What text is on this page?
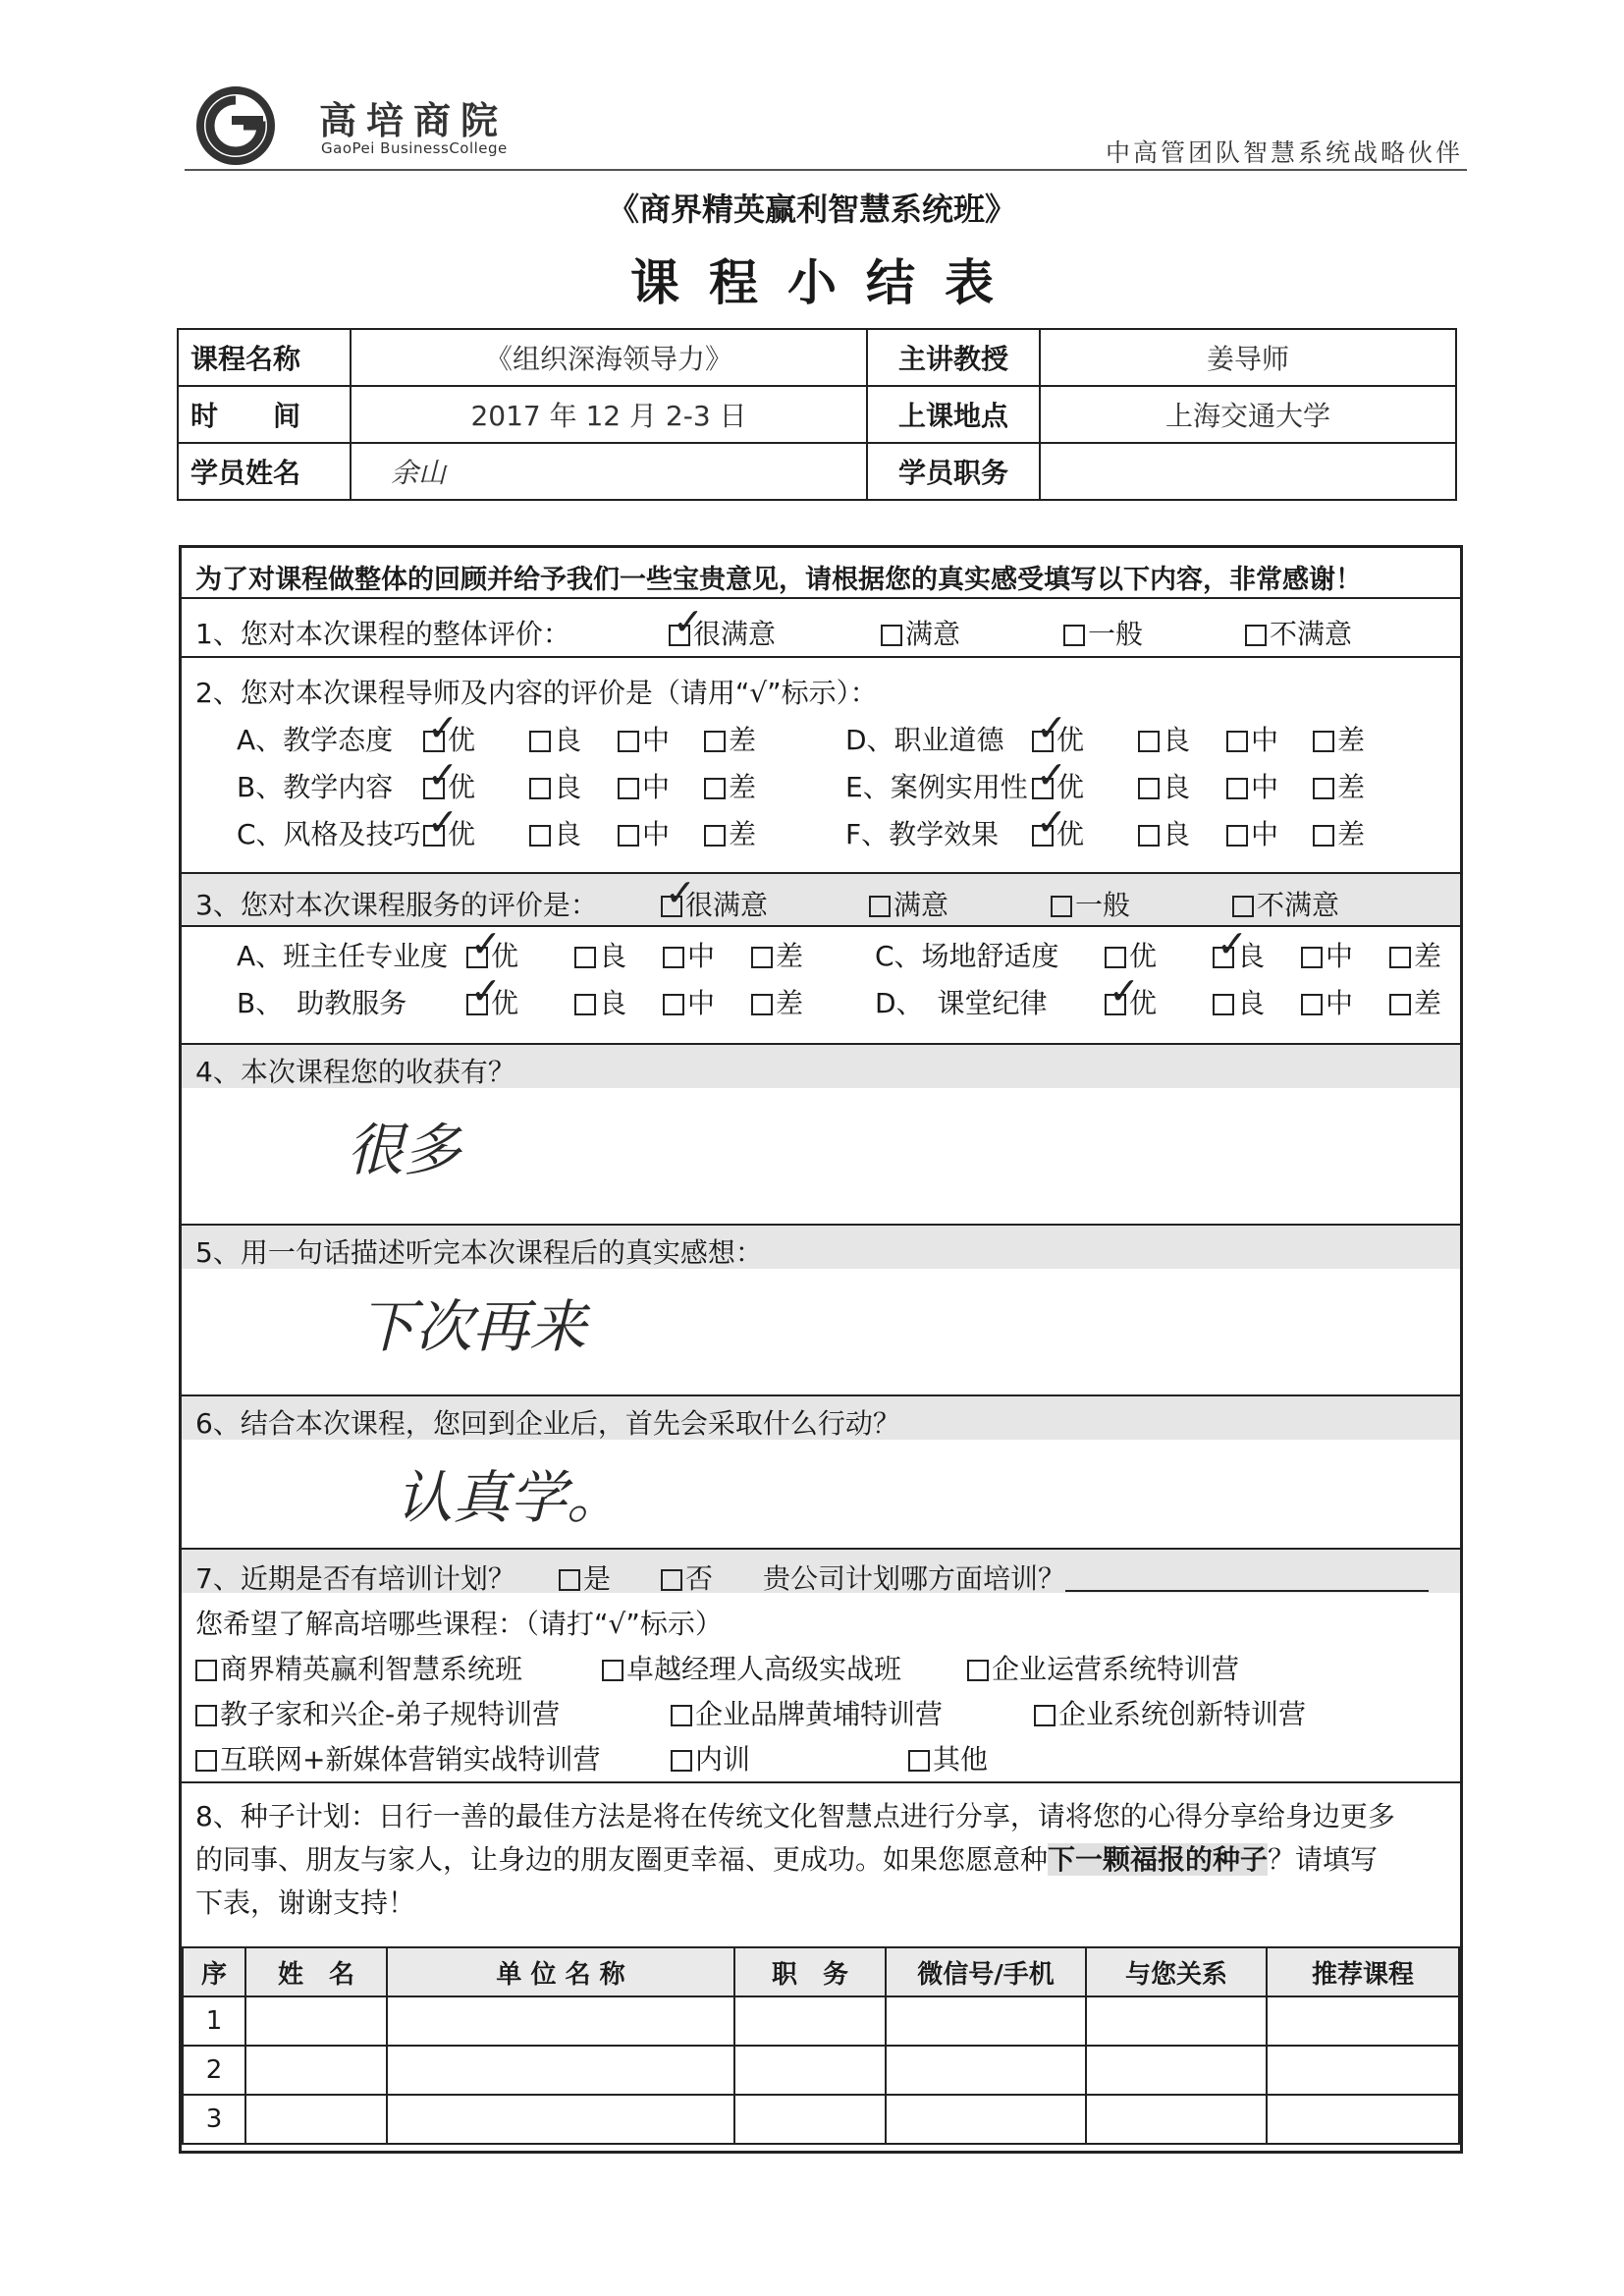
高培商院
GaoPei BusinessCollege	中高管团队智慧系统战略伙伴
《商界精英赢利智慧系统班》
课程小结表
课程名称	《组织深海领导力》	主讲教授	姜导师
时　　间	2017 年 12 月 2-3 日	上课地点	上海交通大学
学员姓名	余山	学员职务	
为了对课程做整体的回顾并给予我们一些宝贵意见，请根据您的真实感受填写以下内容，非常感谢！
1、您对本次课程的整体评价： ✓	很满意	满意	一般	不满意
2、您对本次课程导师及内容的评价是（请用“√”标示）：
A、教学态度 ✓	优	良	中	差
B、教学内容 ✓	优	良	中	差
C、风格及技巧 ✓ 优	良	中	差
D、职业道德 ✓	优	良	中	差
E、案例实用性 ✓	优	良	中	差
F、教学效果 ✓	优	良	中	差
3、您对本次课程服务的评价是： ✓	很满意	满意	一般	不满意
A、班主任专业度 ✓	优	良	中	差
B、　助教服务 ✓	优	良	中	差
C、场地舒适度	优 ✓	良	中	差
D、　课堂纪律 ✓	优	良	中	差
4、本次课程您的收获有？
很多
5、用一句话描述听完本次课程后的真实感想：
下次再来
6、结合本次课程，您回到企业后，首先会采取什么行动？
认真学。
7、近期是否有培训计划？	是	否 贵公司计划哪方面培训？
您希望了解高培哪些课程：（请打“√”标示）
商界精英赢利智慧系统班	卓越经理人高级实战班	企业运营系统特训营
教子家和兴企-弟子规特训营	企业品牌黄埔特训营	企业系统创新特训营
互联网+新媒体营销实战特训营	内训	其他
8、种子计划：日行一善的最佳方法是将在传统文化智慧点进行分享，请将您的心得分享给身边更多
的同事、朋友与家人，让身边的朋友圈更幸福、更成功。如果您愿意种下一颗福报的种子？请填写
下表，谢谢支持！
序	姓　名	单 位 名 称	职　务	微信号/手机	与您关系	推荐课程
1						
2						
3						
